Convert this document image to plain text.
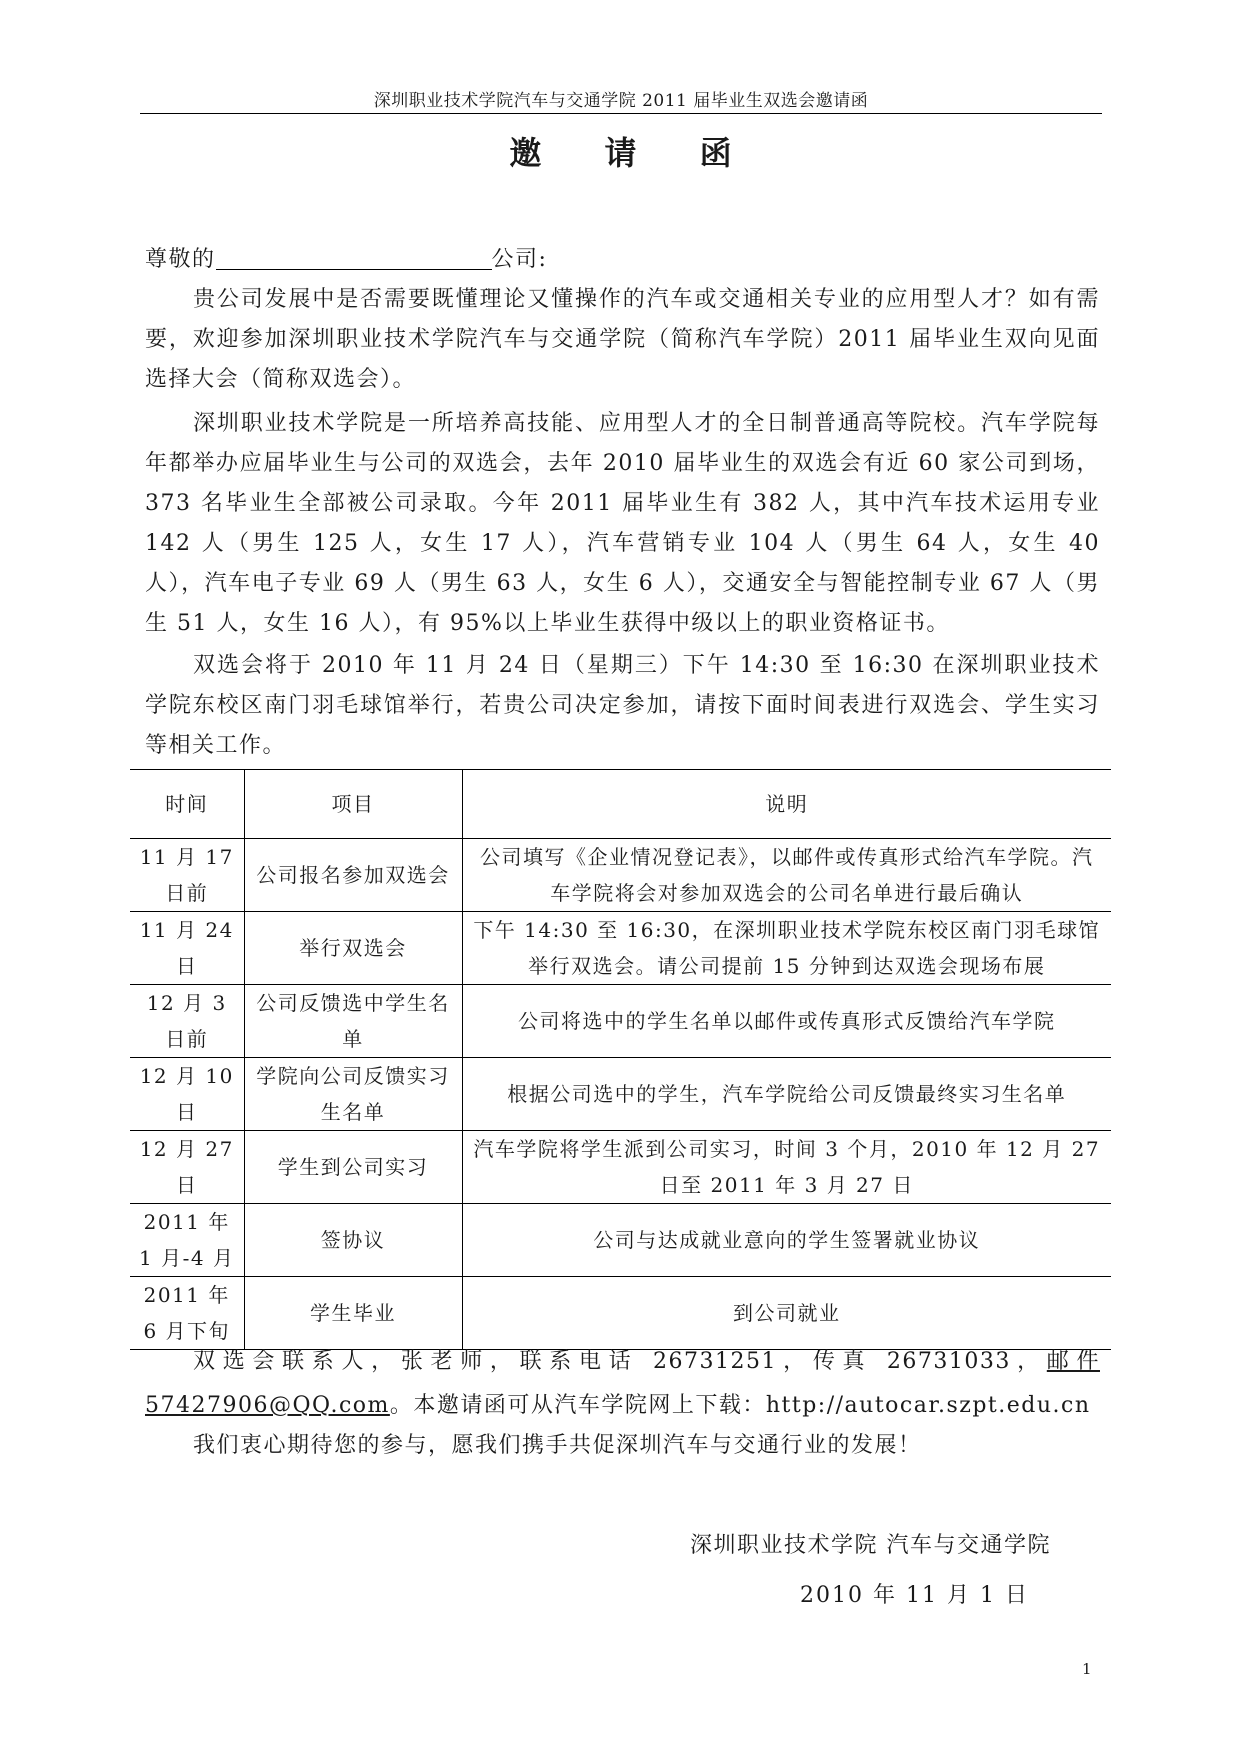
深圳职业技术学院汽车与交通学院 2011 届毕业生双选会邀请函
邀 请 函
尊敬的	公司:
贵公司发展中是否需要既懂理论又懂操作的汽车或交通相关专业的应用型人才？如有需要，欢迎参加深圳职业技术学院汽车与交通学院（简称汽车学院）2011 届毕业生双向见面选择大会（简称双选会）。
深圳职业技术学院是一所培养高技能、应用型人才的全日制普通高等院校。汽车学院每年都举办应届毕业生与公司的双选会，去年 2010 届毕业生的双选会有近 60 家公司到场，373 名毕业生全部被公司录取。今年 2011 届毕业生有 382 人，其中汽车技术运用专业 142 人（男生 125 人，女生 17 人），汽车营销专业 104 人（男生 64 人，女生 40 人），汽车电子专业 69 人（男生 63 人，女生 6 人），交通安全与智能控制专业 67 人（男生 51 人，女生 16 人），有 95%以上毕业生获得中级以上的职业资格证书。
双选会将于 2010 年 11 月 24 日（星期三）下午 14:30 至 16:30 在深圳职业技术学院东校区南门羽毛球馆举行，若贵公司决定参加，请按下面时间表进行双选会、学生实习等相关工作。
时间	项目	说明
11 月 17 日前	公司报名参加双选会	公司填写《企业情况登记表》，以邮件或传真形式给汽车学院。汽车学院将会对参加双选会的公司名单进行最后确认
11 月 24 日	举行双选会	下午 14:30 至 16:30，在深圳职业技术学院东校区南门羽毛球馆举行双选会。请公司提前 15 分钟到达双选会现场布展
12 月 3 日前	公司反馈选中学生名单	公司将选中的学生名单以邮件或传真形式反馈给汽车学院
12 月 10 日	学院向公司反馈实习生名单	根据公司选中的学生，汽车学院给公司反馈最终实习生名单
12 月 27 日	学生到公司实习	汽车学院将学生派到公司实习，时间 3 个月，2010 年 12 月 27 日至 2011 年 3 月 27 日
2011 年 1 月-4 月	签协议	公司与达成就业意向的学生签署就业协议
2011 年 6 月下旬	学生毕业	到公司就业
双选会联系人，张老师，联系电话 26731251，传真 26731033，邮件 57427906@QQ.com。本邀请函可从汽车学院网上下载：http://autocar.szpt.edu.cn
我们衷心期待您的参与，愿我们携手共促深圳汽车与交通行业的发展！
深圳职业技术学院 汽车与交通学院
2010 年 11 月 1 日
1
